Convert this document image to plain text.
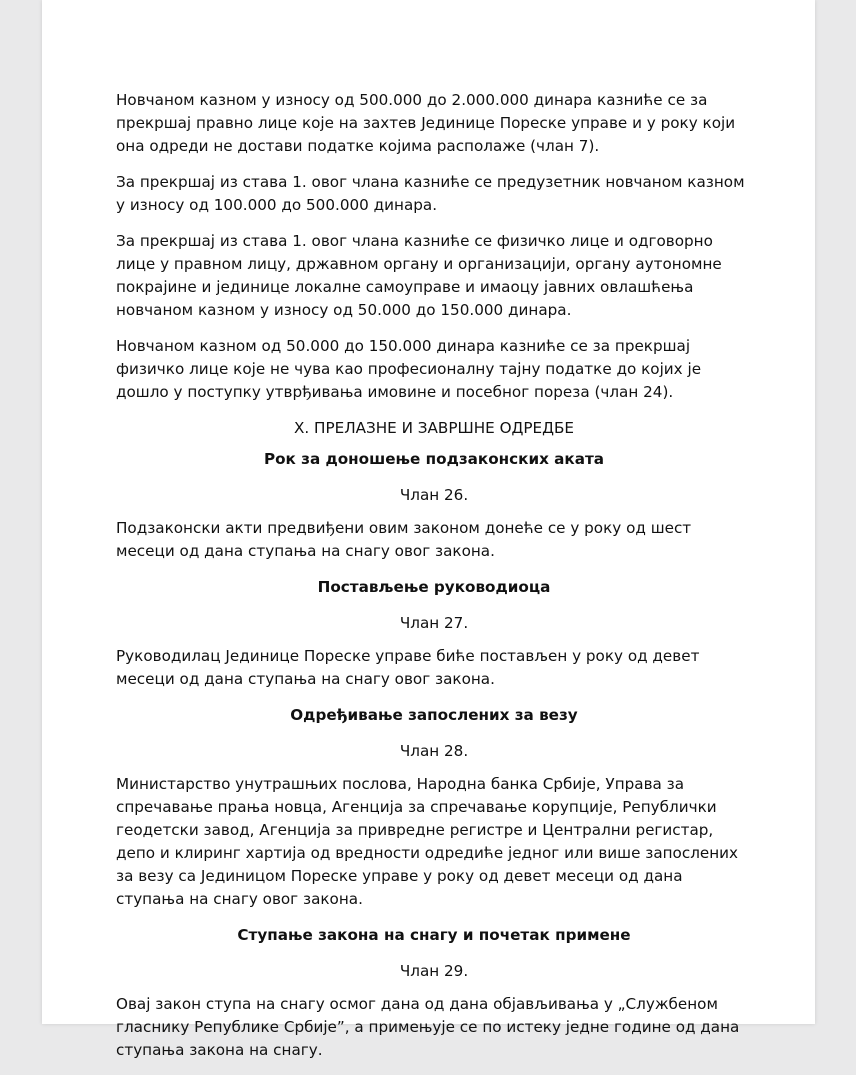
Новчаном казном у износу од 500.000 до 2.000.000 динара казниће се за прекршај правно лице које на захтев Јединице Пореске управе и у року који она одреди не достави податке којима располаже (члан 7).

За прекршај из става 1. овог члана казниће се предузетник новчаном казном у износу од 100.000 до 500.000 динара.

За прекршај из става 1. овог члана казниће се физичко лице и одговорно лице у правном лицу, државном органу и организацији, органу аутономне покрајине и јединице локалне самоуправе и имаоцу јавних овлашћења новчаном казном у износу од 50.000 до 150.000 динара.

Новчаном казном од 50.000 до 150.000 динара казниће се за прекршај физичко лице које не чува као професионалну тајну податке до којих је дошло у поступку утврђивања имовине и посебног пореза (члан 24).

X. ПРЕЛАЗНЕ И ЗАВРШНЕ ОДРЕДБЕ

Рок за доношење подзаконских аката

Члан 26.

Подзаконски акти предвиђени овим законом донеће се у року од шест месеци од дана ступања на снагу овог закона.

Постављење руководиоца

Члан 27.

Руководилац Јединице Пореске управе биће постављен у року од девет месеци од дана ступања на снагу овог закона.

Одређивање запослених за везу

Члан 28.

Министарство унутрашњих послова, Народна банка Србије, Управа за спречавање прања новца, Агенција за спречавање корупције, Републички геодетски завод, Агенција за привредне регистре и Централни регистар, депо и клиринг хартија од вредности одредиће једног или више запослених за везу са Јединицом Пореске управе у року од девет месеци од дана ступања на снагу овог закона.

Ступање закона на снагу и почетак примене

Члан 29.

Овај закон ступа на снагу осмог дана од дана објављивања у „Службеном гласнику Републике Србије”, а примењује се по истеку једне године од дана ступања закона на снагу.
